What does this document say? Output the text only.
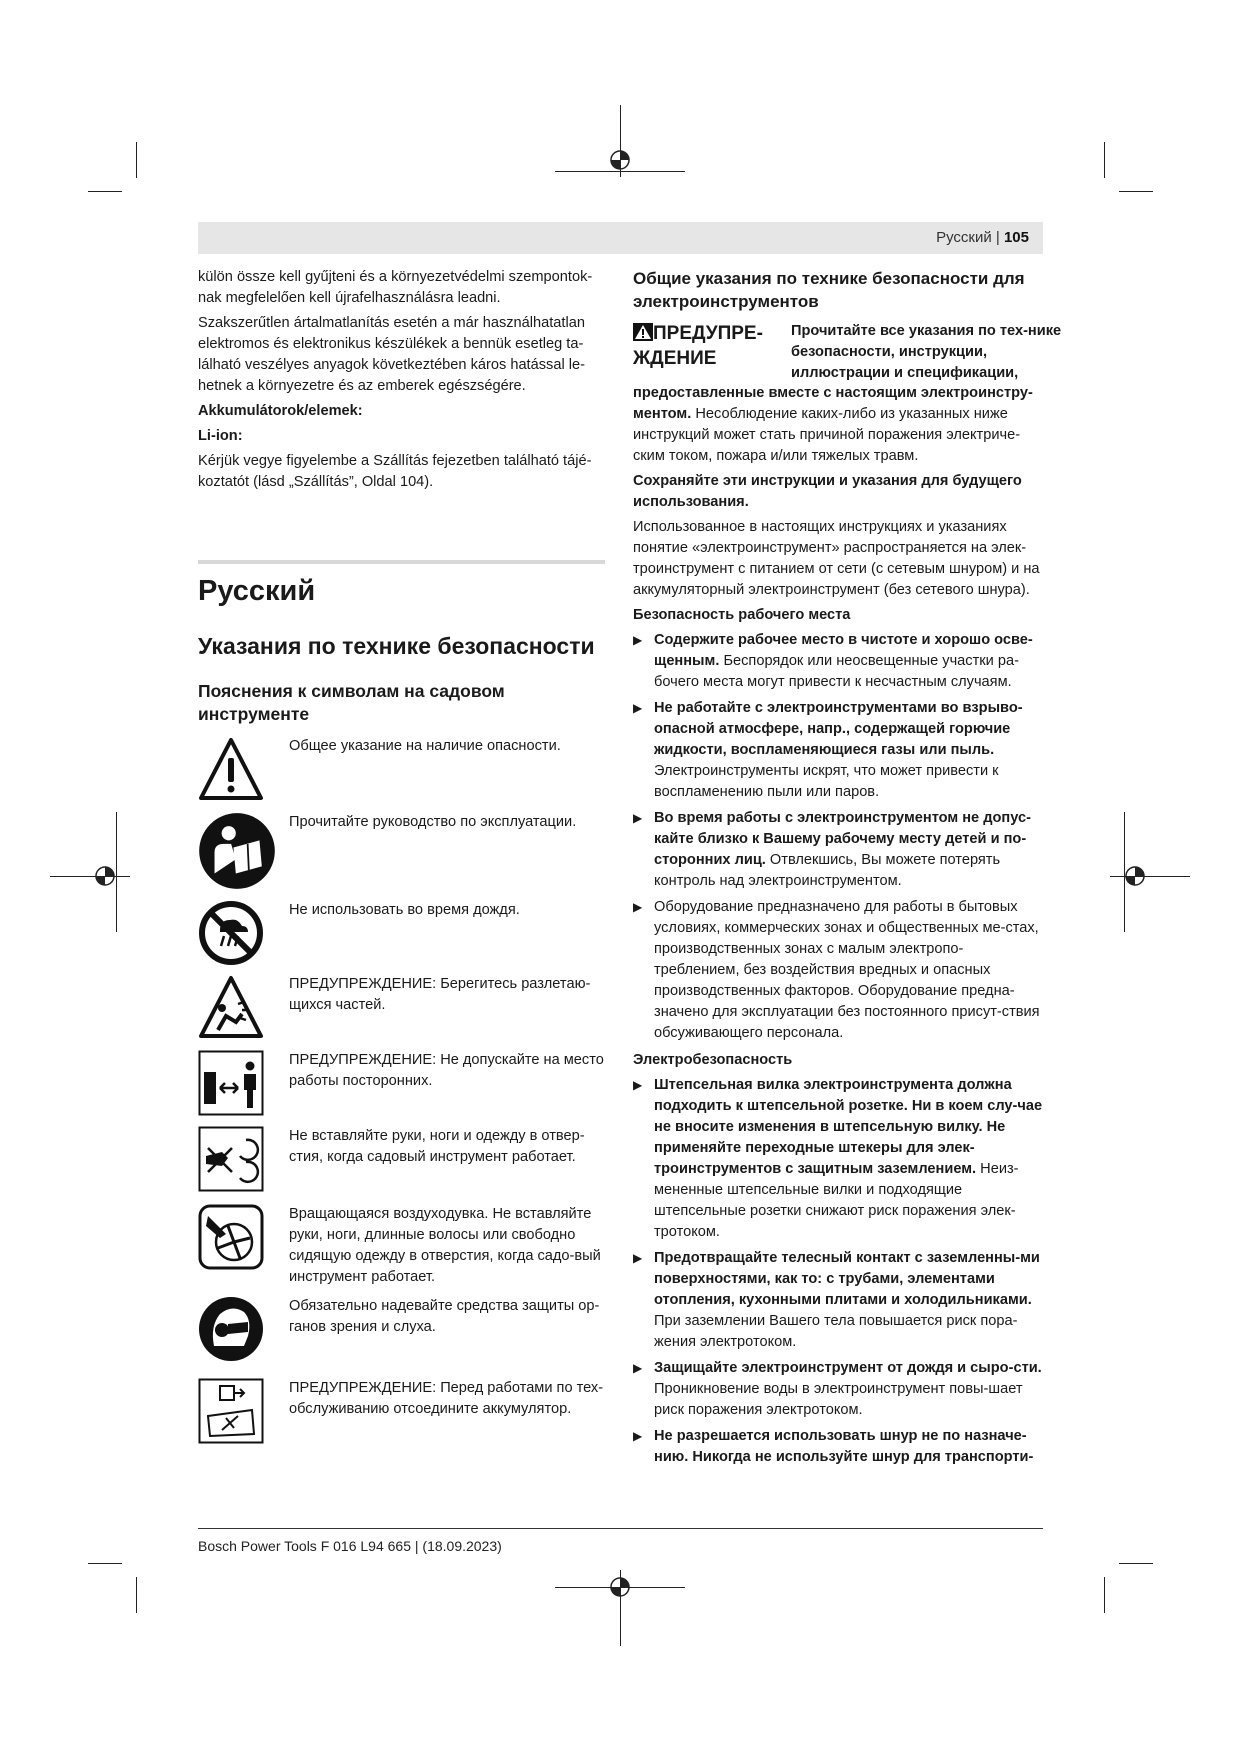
Русский | 105

külön össze kell gyűjteni és a környezetvédelmi szempontok-nak megfelelően kell újrafelhasználásra leadni.

Szakszerűtlen ártalmatlanítás esetén a már használhatatlan elektromos és elektronikus készülékek a bennük esetleg ta-lálható veszélyes anyagok következtében káros hatással le-hetnek a környezetre és az emberek egészségére.

Akkumulátorok/elemek:

Li-ion:

Kérjük vegye figyelembe a Szállítás fejezetben található tájé-koztatót (lásd „Szállítás”, Oldal 104).

Русский
Указания по технике безопасности
Пояснения к символам на садовом инструменте
Общее указание на наличие опасности.
Прочитайте руководство по эксплуатации.
Не использовать во время дождя.
ПРЕДУПРЕЖДЕНИЕ: Берегитесь разлетаю-щихся частей.
ПРЕДУПРЕЖДЕНИЕ: Не допускайте на место работы посторонних.
Не вставляйте руки, ноги и одежду в отвер-стия, когда садовый инструмент работает.
Вращающаяся воздуходувка. Не вставляйте руки, ноги, длинные волосы или свободно сидящую одежду в отверстия, когда садо-вый инструмент работает.
Обязательно надевайте средства защиты ор-ганов зрения и слуха.
ПРЕДУПРЕЖДЕНИЕ: Перед работами по тех-обслуживанию отсоедините аккумулятор.
Общие указания по технике безопасности для электроинструментов
ПРЕДУПРЕ-ЖДЕНИЕ
Прочитайте все указания по тех-нике безопасности, инструкции, иллюстрации и спецификации,

предоставленные вместе с настоящим электроинстру-ментом. Несоблюдение каких-либо из указанных ниже инструкций может стать причиной поражения электриче-ским током, пожара и/или тяжелых травм.

Сохраняйте эти инструкции и указания для будущего использования.

Использованное в настоящих инструкциях и указаниях понятие «электроинструмент» распространяется на элек-троинструмент с питанием от сети (с сетевым шнуром) и на аккумуляторный электроинструмент (без сетевого шнура).

Безопасность рабочего места

▶ Содержите рабочее место в чистоте и хорошо осве-щенным. Беспорядок или неосвещенные участки ра-бочего места могут привести к несчастным случаям.
▶ Не работайте с электроинструментами во взрыво-опасной атмосфере, напр., содержащей горючие жидкости, воспламеняющиеся газы или пыль. Электроинструменты искрят, что может привести к воспламенению пыли или паров.
▶ Во время работы с электроинструментом не допус-кайте близко к Вашему рабочему месту детей и по-сторонних лиц. Отвлекшись, Вы можете потерять контроль над электроинструментом.
▶ Оборудование предназначено для работы в бытовых условиях, коммерческих зонах и общественных ме-стах, производственных зонах с малым электропо-треблением, без воздействия вредных и опасных производственных факторов. Оборудование предна-значено для эксплуатации без постоянного присут-ствия обсуживающего персонала.

Электробезопасность

▶ Штепсельная вилка электроинструмента должна подходить к штепсельной розетке. Ни в коем слу-чае не вносите изменения в штепсельную вилку. Не применяйте переходные штекеры для элек-троинструментов с защитным заземлением. Неиз-мененные штепсельные вилки и подходящие штепсельные розетки снижают риск поражения элек-тротоком.
▶ Предотвращайте телесный контакт с заземленны-ми поверхностями, как то: с трубами, элементами отопления, кухонными плитами и холодильниками. При заземлении Вашего тела повышается риск пора-жения электротоком.
▶ Защищайте электроинструмент от дождя и сыро-сти. Проникновение воды в электроинструмент повы-шает риск поражения электротоком.
▶ Не разрешается использовать шнур не по назначе-нию. Никогда не используйте шнур для транспорти-
Bosch Power Tools F 016 L94 665 | (18.09.2023)
